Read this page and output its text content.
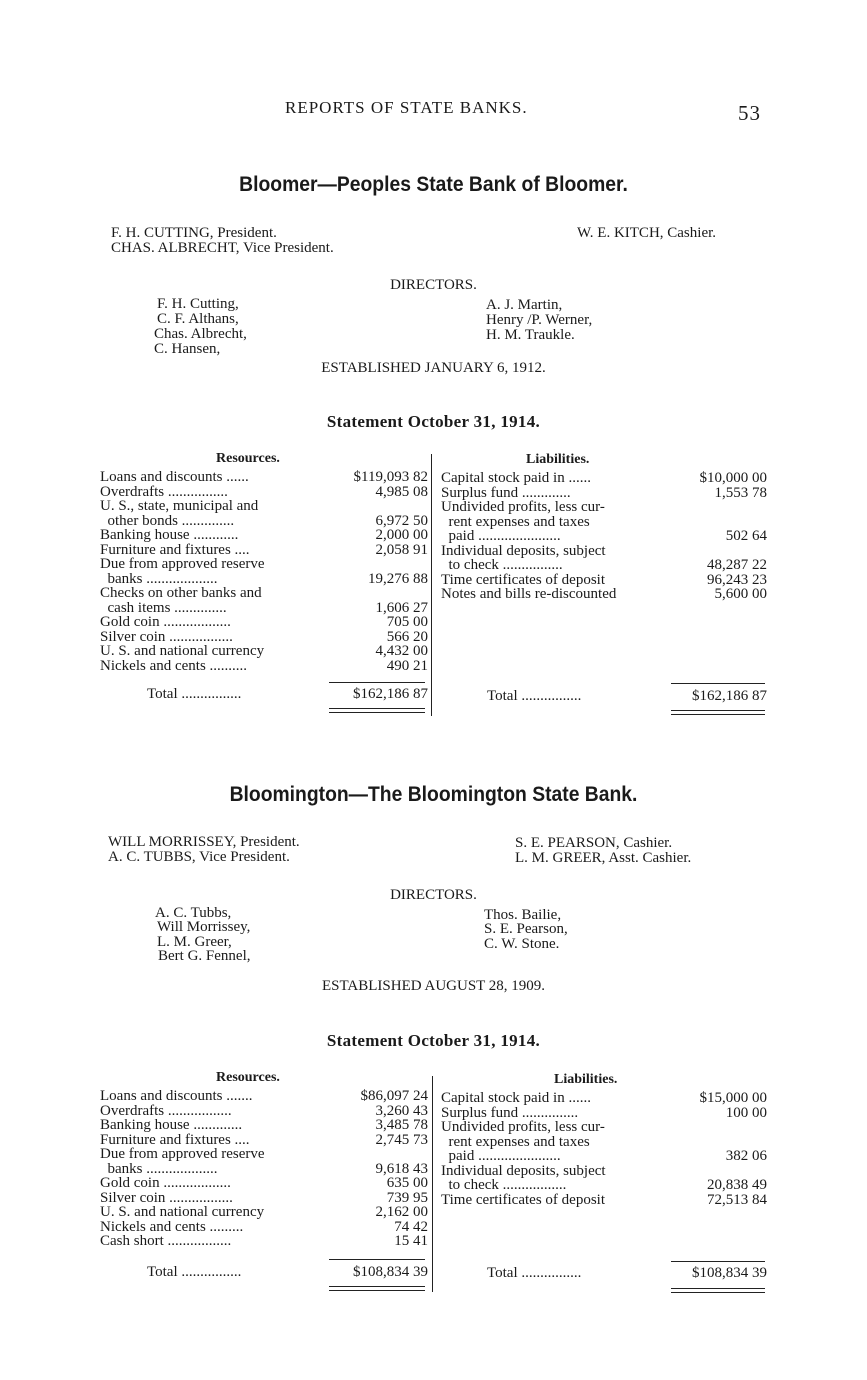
REPORTS OF STATE BANKS.	53
Bloomer—Peoples State Bank of Bloomer.
F. H. CUTTING, President.
CHAS. ALBRECHT, Vice President.
W. E. KITCH, Cashier.
DIRECTORS.
F. H. Cutting,
C. F. Althans,
Chas. Albrecht,
C. Hansen,
A. J. Martin,
Henry /P. Werner,
H. M. Traukle.
ESTABLISHED JANUARY 6, 1912.
Statement October 31, 1914.
Resources.	Liabilities.
Loans and discounts ......	$119,093 82
Overdrafts ................	4,985 08
U. S., state, municipal and
other bonds ..............	6,972 50
Banking house ............	2,000 00
Furniture and fixtures ....	2,058 91
Due from approved reserve
banks ...................	19,276 88
Checks on other banks and
cash items ..............	1,606 27
Gold coin ..................	705 00
Silver coin .................	566 20
U. S. and national currency	4,432 00
Nickels and cents ..........	490 21
Capital stock paid in ......	$10,000 00
Surplus fund .............	1,553 78
Undivided profits, less cur-
rent expenses and taxes
paid ......................	502 64
Individual deposits, subject
to check ................	48,287 22
Time certificates of deposit	96,243 23
Notes and bills re-discounted	5,600 00
Total ................	$162,186 87	Total ................	$162,186 87
Bloomington—The Bloomington State Bank.
WILL MORRISSEY, President.
A. C. TUBBS, Vice President.
S. E. PEARSON, Cashier.
L. M. GREER, Asst. Cashier.
DIRECTORS.
A. C. Tubbs,
Will Morrissey,
L. M. Greer,
Bert G. Fennel,
Thos. Bailie,
S. E. Pearson,
C. W. Stone.
ESTABLISHED AUGUST 28, 1909.
Statement October 31, 1914.
Resources.	Liabilities.
Loans and discounts .......	$86,097 24
Overdrafts .................	3,260 43
Banking house .............	3,485 78
Furniture and fixtures ....	2,745 73
Due from approved reserve
banks ...................	9,618 43
Gold coin ..................	635 00
Silver coin .................	739 95
U. S. and national currency	2,162 00
Nickels and cents .........	74 42
Cash short .................	15 41
Capital stock paid in ......	$15,000 00
Surplus fund ...............	100 00
Undivided profits, less cur-
rent expenses and taxes
paid ......................	382 06
Individual deposits, subject
to check .................	20,838 49
Time certificates of deposit	72,513 84
Total ................	$108,834 39	Total ................	$108,834 39
